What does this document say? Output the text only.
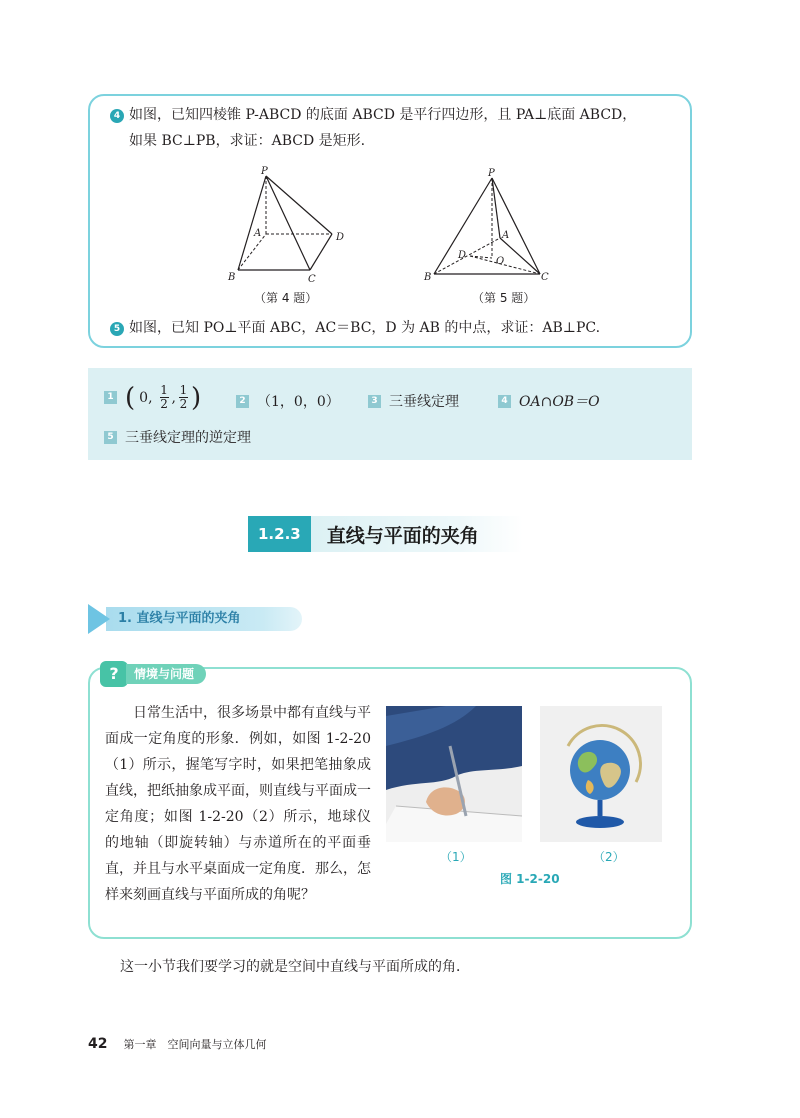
4 如图，已知四棱锥 P-ABCD 的底面 ABCD 是平行四边形，且 PA⊥底面 ABCD，
如果 BC⊥PB，求证：ABCD 是矩形.
P
A
B	C
D
（第 4 题）
P
A
D
O
B	C
（第 5 题）
5 如图，已知 PO⊥平面 ABC，AC＝BC，D 为 AB 的中点，求证：AB⊥PC.
1 ( 0, $\frac{1}{2}$ , $\frac{1}{2}$ )	2 （1，0，0）	3 三垂线定理	4 OA∩OB＝O
5 三垂线定理的逆定理
1.2.3	直线与平面的夹角
1. 直线与平面的夹角
?	情境与问题
日常生活中，很多场景中都有直线与平面成一定角度的形象．例如，如图 1-2-20（1）所示，握笔写字时，如果把笔抽象成直线，把纸抽象成平面，则直线与平面成一定角度；如图 1-2-20（2）所示，地球仪的地轴（即旋转轴）与赤道所在的平面垂直，并且与水平桌面成一定角度．那么，怎样来刻画直线与平面所成的角呢？
（1）	（2）
图 1-2-20
这一小节我们要学习的就是空间中直线与平面所成的角．
42 第一章　空间向量与立体几何
